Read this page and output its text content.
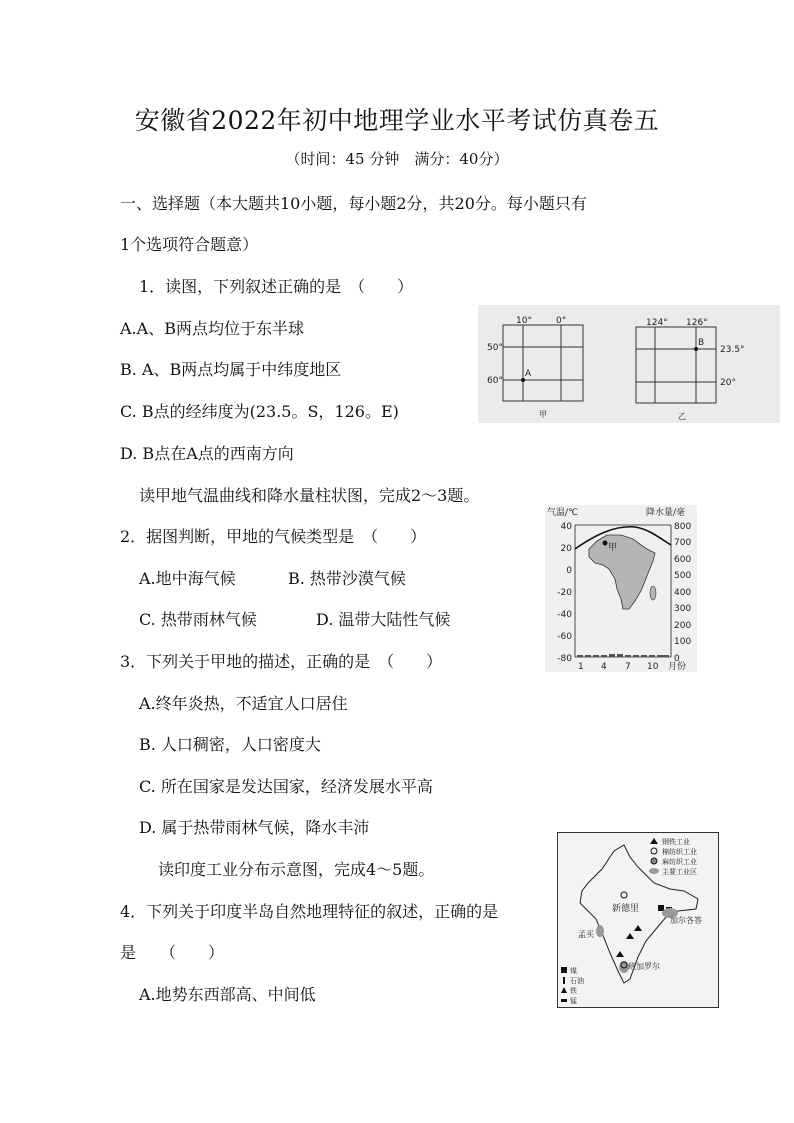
安徽省2022年初中地理学业水平考试仿真卷五
（时间：45 分钟　满分：40分）
一、选择题（本大题共10小题，每小题2分，共20分。每小题只有
1个选项符合题意）
1．读图，下列叙述正确的是　（　　）
A.A、B两点均位于东半球
B. A、B两点均属于中纬度地区
C. B点的经纬度为(23.5。S，126。E)
D. B点在A点的西南方向
10°	0°
50°
60°
A
甲
124° 126°
23.5°
20°
B
乙
读甲地气温曲线和降水量柱状图，完成2～3题。
2．据图判断，甲地的气候类型是　（　　）
A.地中海气候	B. 热带沙漠气候
C. 热带雨林气候	D. 温带大陆性气候
气温/℃	降水量/毫
40
20
0
-20
-40
-60
-80
800
700
600
500
400
300
200
100
0
甲
1 4 7 10 月份
3．下列关于甲地的描述，正确的是　（　　）
A.终年炎热，不适宜人口居住
B. 人口稠密，人口密度大
C. 所在国家是发达国家，经济发展水平高
D. 属于热带雨林气候，降水丰沛
读印度工业分布示意图，完成4～5题。
4．下列关于印度半岛自然地理特征的叙述，正确的是
是　　（　　）
A.地势东西部高、中间低
钢铁工业
棉纺织工业
麻纺织工业
主要工业区
新德里
孟买
加尔各答
班加罗尔
煤
石油
铁
锰
